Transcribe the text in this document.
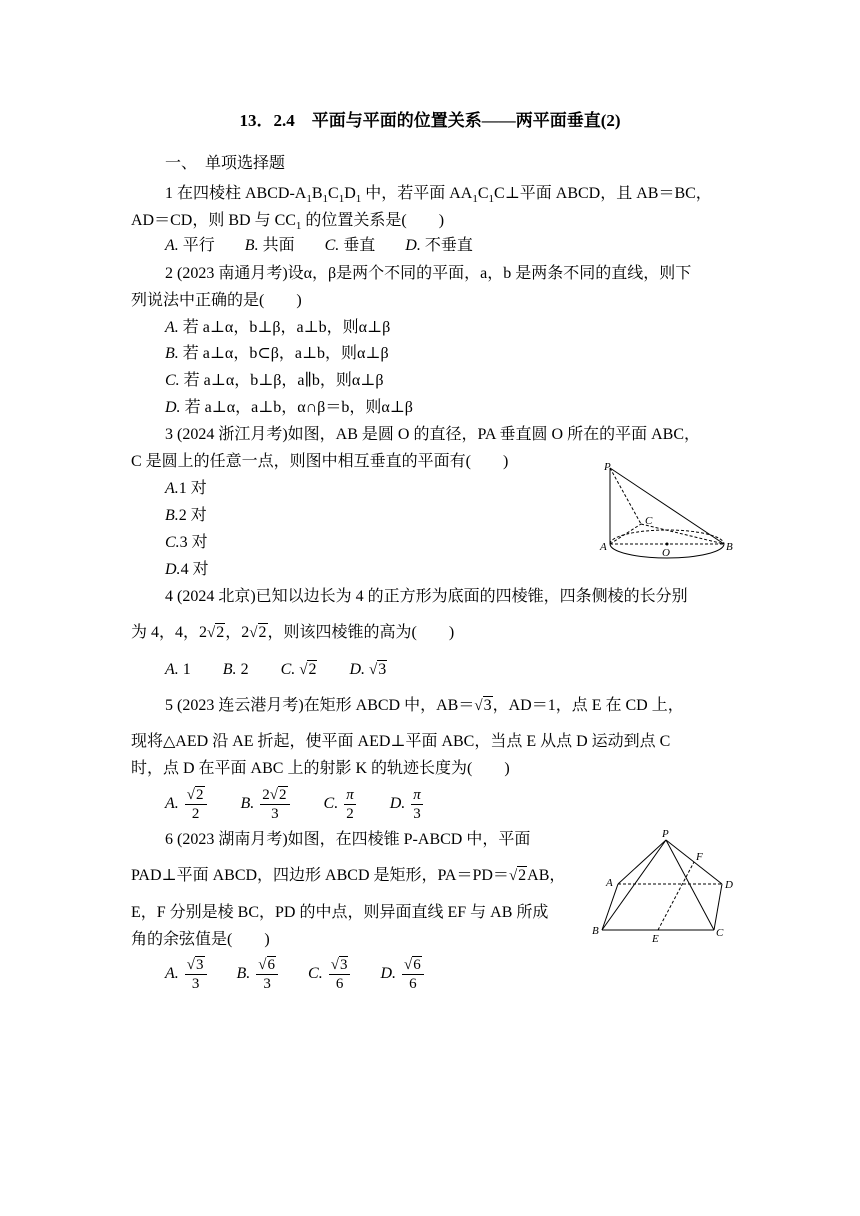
13．2.4　平面与平面的位置关系——两平面垂直(2)
一、　单项选择题
1 在四棱柱 ABCD-$A_1B_1C_1D_1$ 中，若平面 $AA_1C_1C\perp$平面 ABCD，且 AB＝BC，
AD＝CD，则 BD 与 $CC_1$ 的位置关系是(　　)
A. 平行 B. 共面 C. 垂直 D. 不垂直
2 (2023 南通月考)设α，β是两个不同的平面，a，b 是两条不同的直线，则下
列说法中正确的是(　　)
A. 若 a⊥α，b⊥β，a⊥b，则α⊥β
B. 若 a⊥α，b⊂β，a⊥b，则α⊥β
C. 若 a⊥α，b⊥β，a∥b，则α⊥β
D. 若 a⊥α，a⊥b，α∩β＝b，则α⊥β
3 (2024 浙江月考)如图，AB 是圆 O 的直径，PA 垂直圆 O 所在的平面 ABC，
C 是圆上的任意一点，则图中相互垂直的平面有(　　)
A.1 对
B.2 对
C.3 对
D.4 对
P
C
A	O	B
4 (2024 北京)已知以边长为 4 的正方形为底面的四棱锥，四条侧棱的长分别
为 4，4，2√2，2√2，则该四棱锥的高为(　　)
A. 1 B. 2 C. √2 D. √3
5 (2023 连云港月考)在矩形 ABCD 中，AB＝√3，AD＝1，点 E 在 CD 上，
现将△AED 沿 AE 折起，使平面 AED⊥平面 ABC，当点 E 从点 D 运动到点 C
时，点 D 在平面 ABC 上的射影 K 的轨迹长度为(　　)
A. $\frac{√2}{2} B$. $\frac{2√2}{3} C$. $\frac{\pi}{2} D$. $\frac{\pi}{3}$
6 (2023 湖南月考)如图，在四棱锥 P-ABCD 中，平面
PAD⊥平面 ABCD，四边形 ABCD 是矩形，PA＝PD＝√2AB，
E，F 分别是棱 BC，PD 的中点，则异面直线 EF 与 AB 所成
角的余弦值是(　　)
A. $\frac{√3}{3} B$. $\frac{√6}{3} C$. $\frac{√3}{6} D$. $\frac{√6}{6}$
P
F
A	D
B
E	C
